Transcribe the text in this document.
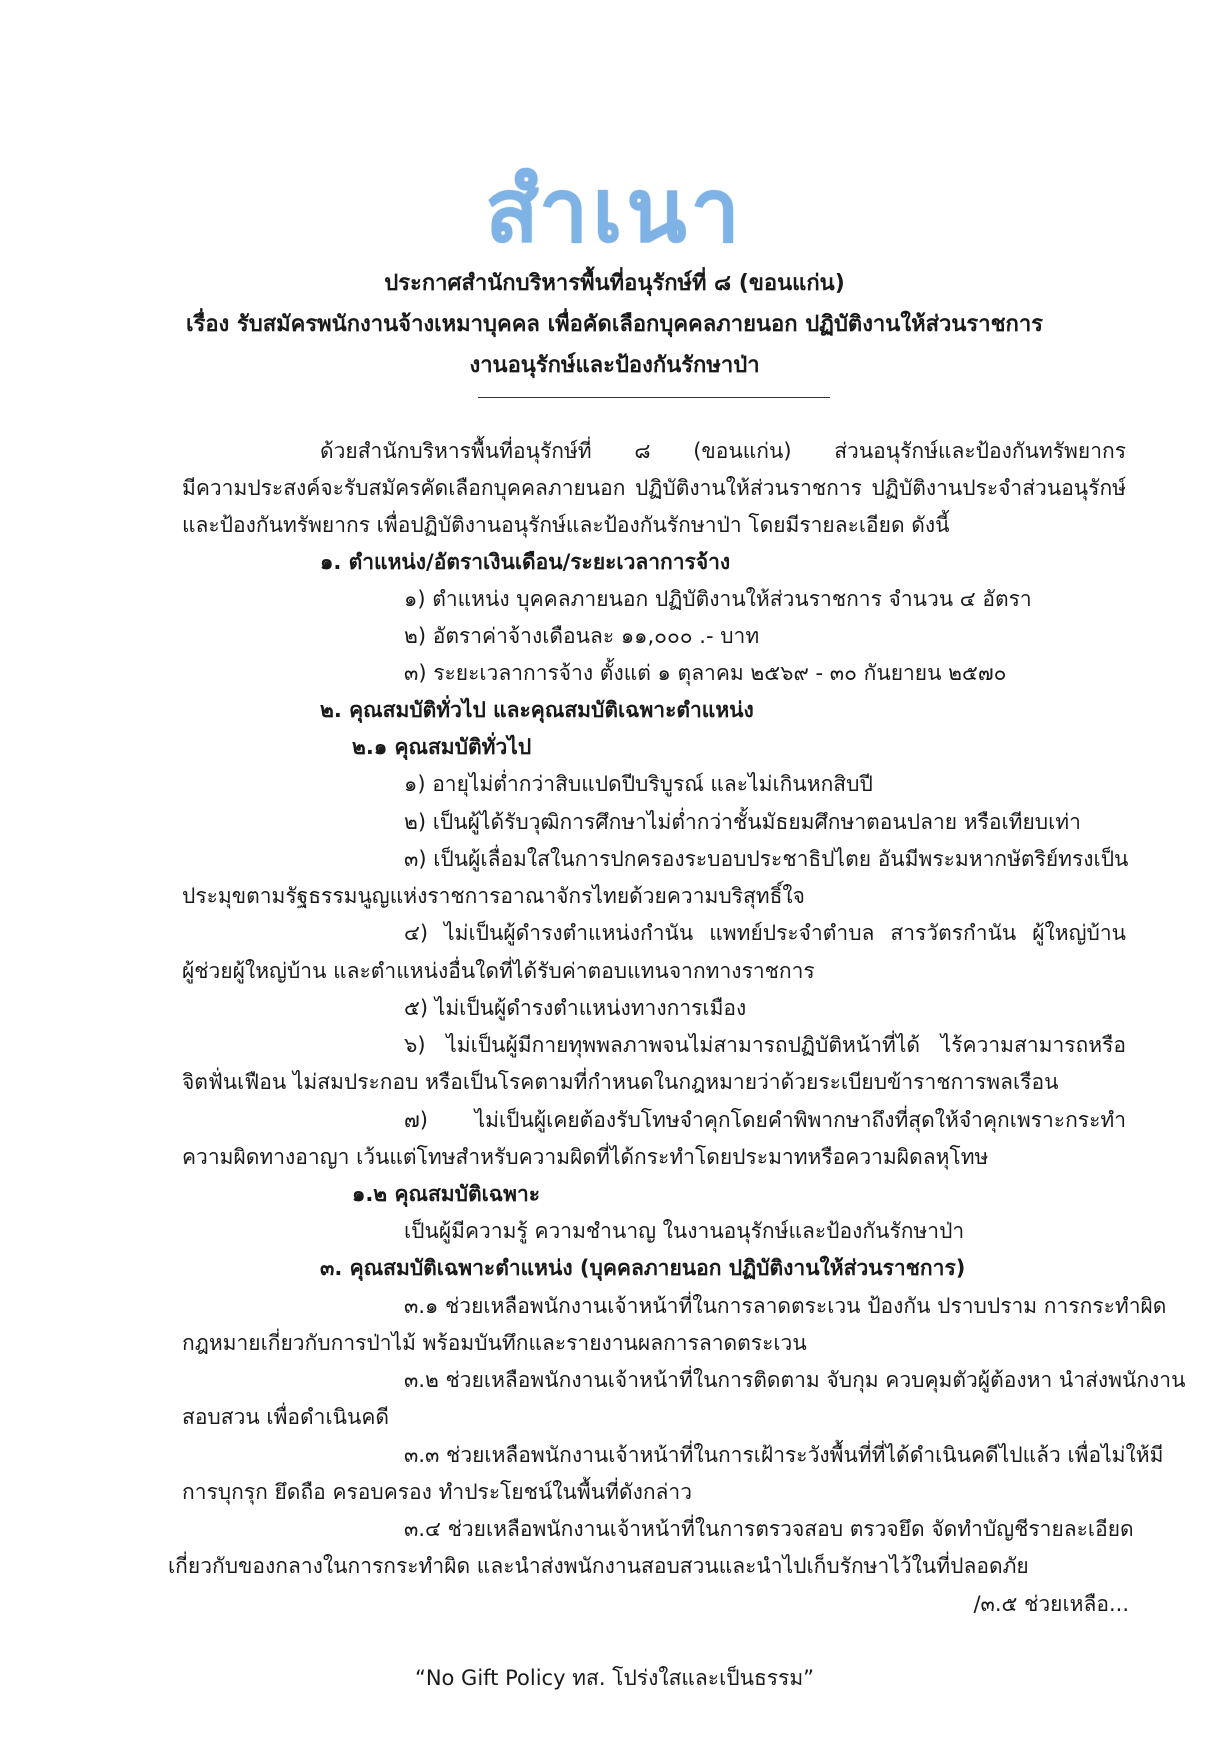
สำเนา
ประกาศสำนักบริหารพื้นที่อนุรักษ์ที่ ๘ (ขอนแก่น)
เรื่อง รับสมัครพนักงานจ้างเหมาบุคคล เพื่อคัดเลือกบุคคลภายนอก ปฏิบัติงานให้ส่วนราชการ
งานอนุรักษ์และป้องกันรักษาป่า
ด้วยสำนักบริหารพื้นที่อนุรักษ์ที่ ๘ (ขอนแก่น) ส่วนอนุรักษ์และป้องกันทรัพยากร
มีความประสงค์จะรับสมัครคัดเลือกบุคคลภายนอก ปฏิบัติงานให้ส่วนราชการ ปฏิบัติงานประจำส่วนอนุรักษ์
และป้องกันทรัพยากร เพื่อปฏิบัติงานอนุรักษ์และป้องกันรักษาป่า โดยมีรายละเอียด ดังนี้
๑. ตำแหน่ง/อัตราเงินเดือน/ระยะเวลาการจ้าง
๑) ตำแหน่ง บุคคลภายนอก ปฏิบัติงานให้ส่วนราชการ จำนวน ๔ อัตรา
๒) อัตราค่าจ้างเดือนละ ๑๑,๐๐๐ .- บาท
๓) ระยะเวลาการจ้าง ตั้งแต่ ๑ ตุลาคม ๒๕๖๙ - ๓๐ กันยายน ๒๕๗๐
๒. คุณสมบัติทั่วไป และคุณสมบัติเฉพาะตำแหน่ง
๒.๑ คุณสมบัติทั่วไป
๑) อายุไม่ต่ำกว่าสิบแปดปีบริบูรณ์ และไม่เกินหกสิบปี
๒) เป็นผู้ได้รับวุฒิการศึกษาไม่ต่ำกว่าชั้นมัธยมศึกษาตอนปลาย หรือเทียบเท่า
๓) เป็นผู้เลื่อมใสในการปกครองระบอบประชาธิปไตย อันมีพระมหากษัตริย์ทรงเป็น
ประมุขตามรัฐธรรมนูญแห่งราชการอาณาจักรไทยด้วยความบริสุทธิ์ใจ
๔) ไม่เป็นผู้ดำรงตำแหน่งกำนัน แพทย์ประจำตำบล สารวัตรกำนัน ผู้ใหญ่บ้าน
ผู้ช่วยผู้ใหญ่บ้าน และตำแหน่งอื่นใดที่ได้รับค่าตอบแทนจากทางราชการ
๕) ไม่เป็นผู้ดำรงตำแหน่งทางการเมือง
๖) ไม่เป็นผู้มีกายทุพพลภาพจนไม่สามารถปฏิบัติหน้าที่ได้ ไร้ความสามารถหรือ
จิตฟั่นเฟือน ไม่สมประกอบ หรือเป็นโรคตามที่กำหนดในกฎหมายว่าด้วยระเบียบข้าราชการพลเรือน
๗) ไม่เป็นผู้เคยต้องรับโทษจำคุกโดยคำพิพากษาถึงที่สุดให้จำคุกเพราะกระทำ
ความผิดทางอาญา เว้นแต่โทษสำหรับความผิดที่ได้กระทำโดยประมาทหรือความผิดลหุโทษ
๑.๒ คุณสมบัติเฉพาะ
เป็นผู้มีความรู้ ความชำนาญ ในงานอนุรักษ์และป้องกันรักษาป่า
๓. คุณสมบัติเฉพาะตำแหน่ง (บุคคลภายนอก ปฏิบัติงานให้ส่วนราชการ)
๓.๑ ช่วยเหลือพนักงานเจ้าหน้าที่ในการลาดตระเวน ป้องกัน ปราบปราม การกระทำผิด
กฎหมายเกี่ยวกับการป่าไม้ พร้อมบันทึกและรายงานผลการลาดตระเวน
๓.๒ ช่วยเหลือพนักงานเจ้าหน้าที่ในการติดตาม จับกุม ควบคุมตัวผู้ต้องหา นำส่งพนักงาน
สอบสวน เพื่อดำเนินคดี
๓.๓ ช่วยเหลือพนักงานเจ้าหน้าที่ในการเฝ้าระวังพื้นที่ที่ได้ดำเนินคดีไปแล้ว เพื่อไม่ให้มี
การบุกรุก ยึดถือ ครอบครอง ทำประโยชน์ในพื้นที่ดังกล่าว
๓.๔ ช่วยเหลือพนักงานเจ้าหน้าที่ในการตรวจสอบ ตรวจยึด จัดทำบัญชีรายละเอียด
เกี่ยวกับของกลางในการกระทำผิด และนำส่งพนักงานสอบสวนและนำไปเก็บรักษาไว้ในที่ปลอดภัย
/๓.๕ ช่วยเหลือ...
“No Gift Policy ทส. โปร่งใสและเป็นธรรม”
